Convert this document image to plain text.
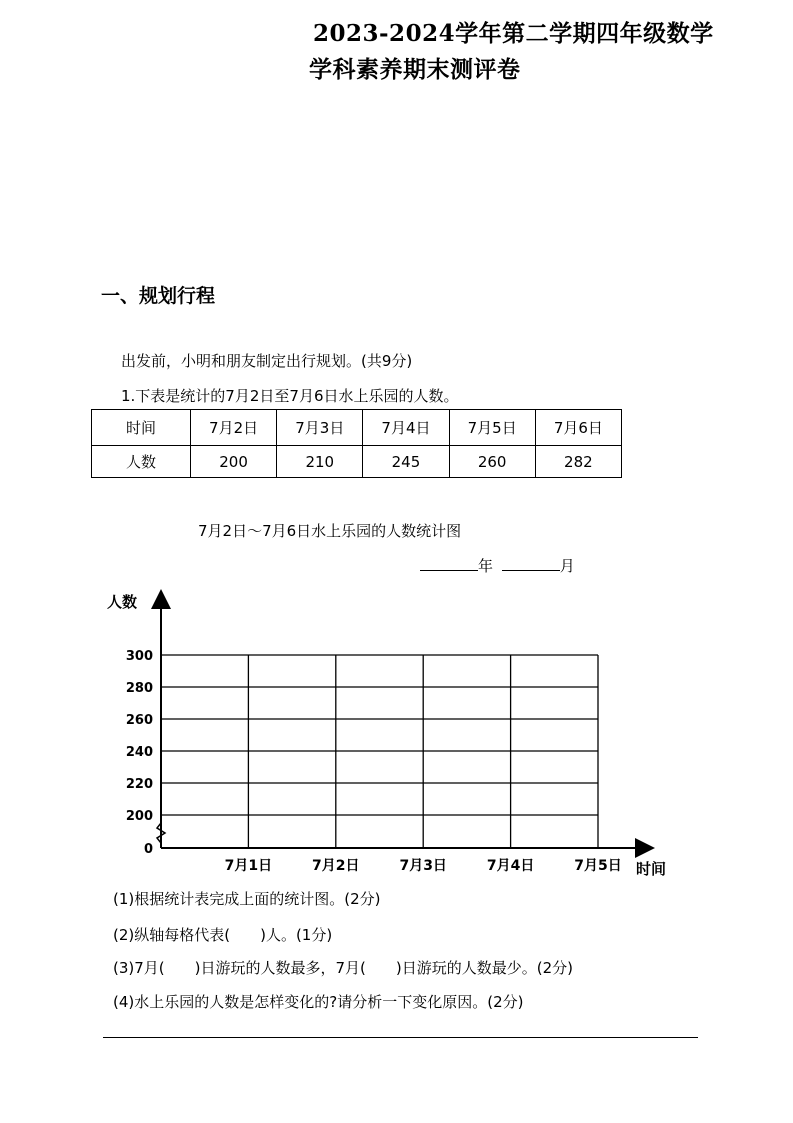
2023-2024学年第二学期四年级数学
学科素养期末测评卷
一、规划行程
出发前，小明和朋友制定出行规划。(共9分)
1.下表是统计的7月2日至7月6日水上乐园的人数。
时间	7月2日	7月3日	7月4日	7月5日	7月6日
人数	200	210	245	260	282
7月2日～7月6日水上乐园的人数统计图
年	月
300
280
260
240
220
200
0
7月1日	7月2日	7月3日	7月4日	7月5日
人数
时间
(1)根据统计表完成上面的统计图。(2分)
(2)纵轴每格代表(　　)人。(1分)
(3)7月(　　)日游玩的人数最多，7月(　　)日游玩的人数最少。(2分)
(4)水上乐园的人数是怎样变化的?请分析一下变化原因。(2分)
